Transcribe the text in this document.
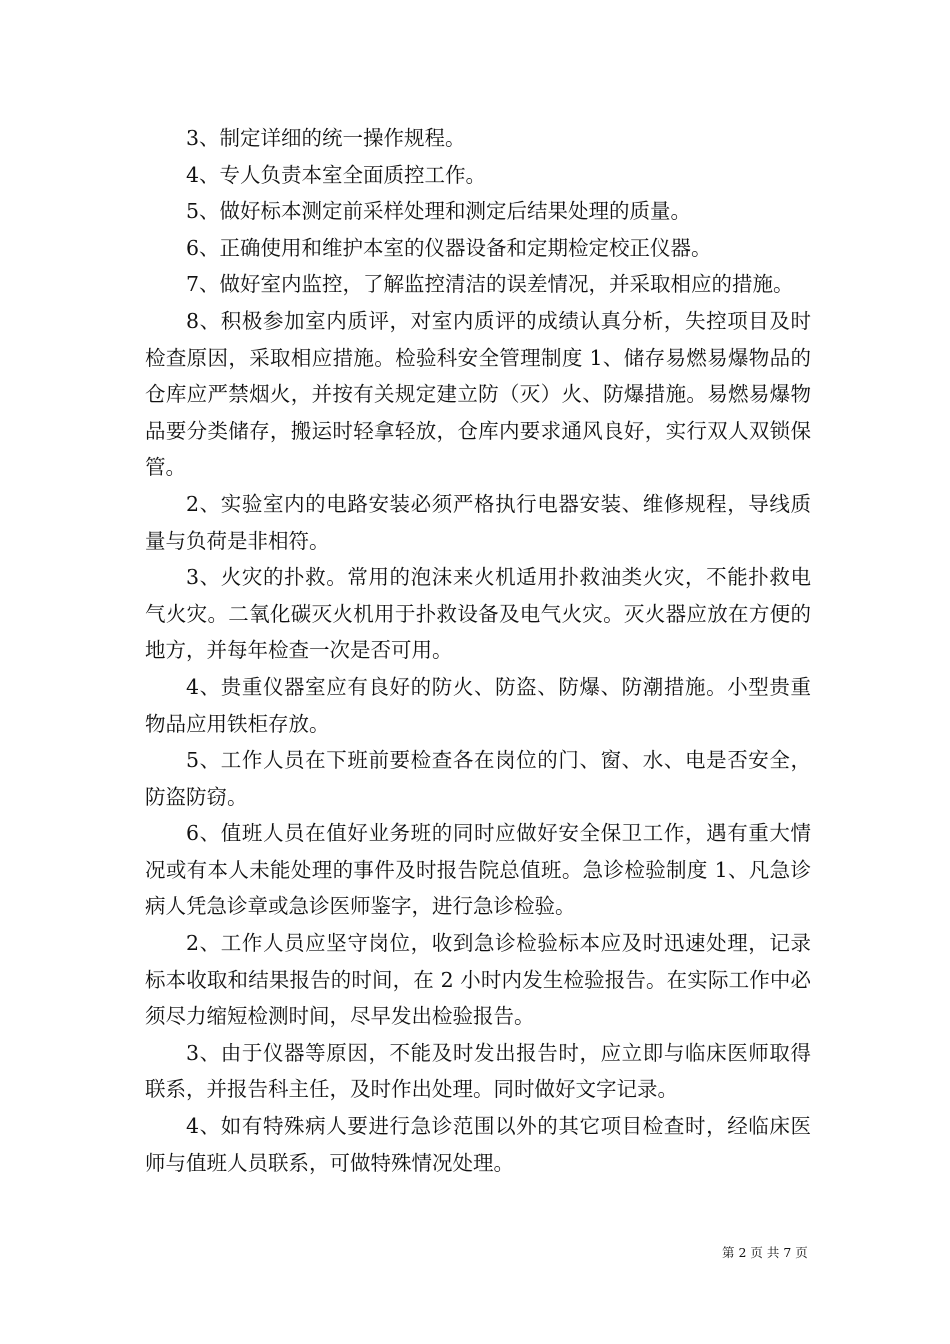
3、制定详细的统一操作规程。

4、专人负责本室全面质控工作。

5、做好标本测定前采样处理和测定后结果处理的质量。

6、正确使用和维护本室的仪器设备和定期检定校正仪器。

7、做好室内监控，了解监控清洁的误差情况，并采取相应的措施。

8、积极参加室内质评，对室内质评的成绩认真分析，失控项目及时检查原因，采取相应措施。检验科安全管理制度 1、储存易燃易爆物品的仓库应严禁烟火，并按有关规定建立防（灭）火、防爆措施。易燃易爆物品要分类储存，搬运时轻拿轻放，仓库内要求通风良好，实行双人双锁保管。

2、实验室内的电路安装必须严格执行电器安装、维修规程，导线质量与负荷是非相符。

3、火灾的扑救。常用的泡沫来火机适用扑救油类火灾，不能扑救电气火灾。二氧化碳灭火机用于扑救设备及电气火灾。灭火器应放在方便的地方，并每年检查一次是否可用。

4、贵重仪器室应有良好的防火、防盗、防爆、防潮措施。小型贵重物品应用铁柜存放。

5、工作人员在下班前要检查各在岗位的门、窗、水、电是否安全，防盗防窃。

6、值班人员在值好业务班的同时应做好安全保卫工作，遇有重大情况或有本人未能处理的事件及时报告院总值班。急诊检验制度 1、凡急诊病人凭急诊章或急诊医师鉴字，进行急诊检验。

2、工作人员应坚守岗位，收到急诊检验标本应及时迅速处理，记录标本收取和结果报告的时间，在 2 小时内发生检验报告。在实际工作中必须尽力缩短检测时间，尽早发出检验报告。

3、由于仪器等原因，不能及时发出报告时，应立即与临床医师取得联系，并报告科主任，及时作出处理。同时做好文字记录。

4、如有特殊病人要进行急诊范围以外的其它项目检查时，经临床医师与值班人员联系，可做特殊情况处理。

第 2 页 共 7 页
